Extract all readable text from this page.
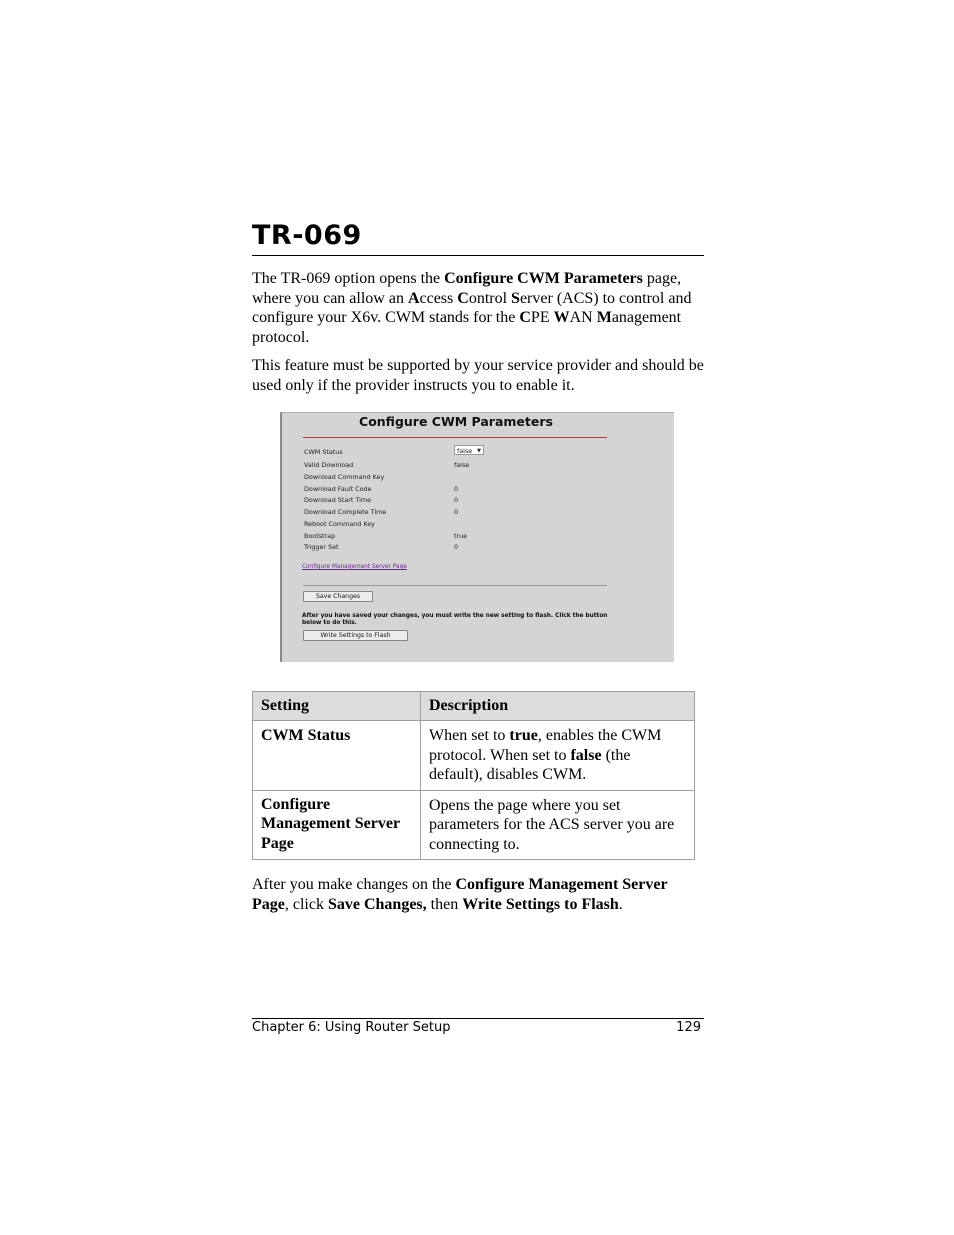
TR-069
The TR-069 option opens the Configure CWM Parameters page, where you can allow an Access Control Server (ACS) to control and configure your X6v. CWM stands for the CPE WAN Management protocol.
This feature must be supported by your service provider and should be used only if the provider instructs you to enable it.
Configure CWM Parameters
CWM Status	false ▼
Valid Download	false
Download Command Key
Download Fault Code	0
Download Start Time	0
Download Complete Time	0
Reboot Command Key
Bootstrap	true
Trigger Set	0
Configure Management Server Page
Save Changes
After you have saved your changes, you must write the new setting to flash. Click the button below to do this.
Write Settings to Flash
Setting	Description
CWM Status	When set to true, enables the CWM protocol. When set to false (the default), disables CWM.
Configure Management Server Page	Opens the page where you set parameters for the ACS server you are connecting to.
After you make changes on the Configure Management Server Page, click Save Changes, then Write Settings to Flash.
Chapter 6: Using Router Setup	129
